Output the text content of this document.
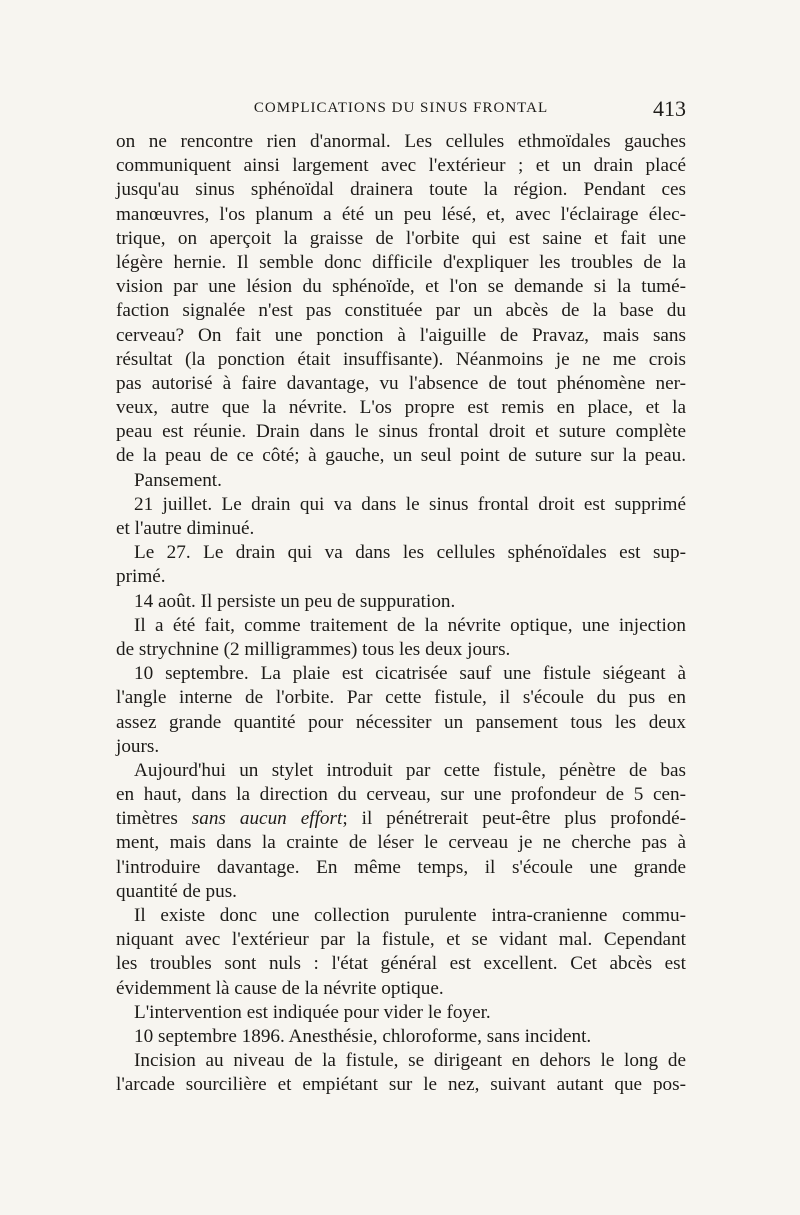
COMPLICATIONS DU SINUS FRONTAL	413
on ne rencontre rien d'anormal. Les cellules ethmoïdales gauches
communiquent ainsi largement avec l'extérieur ; et un drain placé
jusqu'au sinus sphénoïdal drainera toute la région. Pendant ces
manœuvres, l'os planum a été un peu lésé, et, avec l'éclairage élec-
trique, on aperçoit la graisse de l'orbite qui est saine et fait une
légère hernie. Il semble donc difficile d'expliquer les troubles de la
vision par une lésion du sphénoïde, et l'on se demande si la tumé-
faction signalée n'est pas constituée par un abcès de la base du
cerveau? On fait une ponction à l'aiguille de Pravaz, mais sans
résultat (la ponction était insuffisante). Néanmoins je ne me crois
pas autorisé à faire davantage, vu l'absence de tout phénomène ner-
veux, autre que la névrite. L'os propre est remis en place, et la
peau est réunie. Drain dans le sinus frontal droit et suture complète
de la peau de ce côté; à gauche, un seul point de suture sur la peau.
Pansement.
21 juillet. Le drain qui va dans le sinus frontal droit est supprimé
et l'autre diminué.
Le 27. Le drain qui va dans les cellules sphénoïdales est sup-
primé.
14 août. Il persiste un peu de suppuration.
Il a été fait, comme traitement de la névrite optique, une injection
de strychnine (2 milligrammes) tous les deux jours.
10 septembre. La plaie est cicatrisée sauf une fistule siégeant à
l'angle interne de l'orbite. Par cette fistule, il s'écoule du pus en
assez grande quantité pour nécessiter un pansement tous les deux
jours.
Aujourd'hui un stylet introduit par cette fistule, pénètre de bas
en haut, dans la direction du cerveau, sur une profondeur de 5 cen-
timètres sans aucun effort; il pénétrerait peut-être plus profondé-
ment, mais dans la crainte de léser le cerveau je ne cherche pas à
l'introduire davantage. En même temps, il s'écoule une grande
quantité de pus.
Il existe donc une collection purulente intra-cranienne commu-
niquant avec l'extérieur par la fistule, et se vidant mal. Cependant
les troubles sont nuls : l'état général est excellent. Cet abcès est
évidemment là cause de la névrite optique.
L'intervention est indiquée pour vider le foyer.
10 septembre 1896. Anesthésie, chloroforme, sans incident.
Incision au niveau de la fistule, se dirigeant en dehors le long de
l'arcade sourcilière et empiétant sur le nez, suivant autant que pos-
